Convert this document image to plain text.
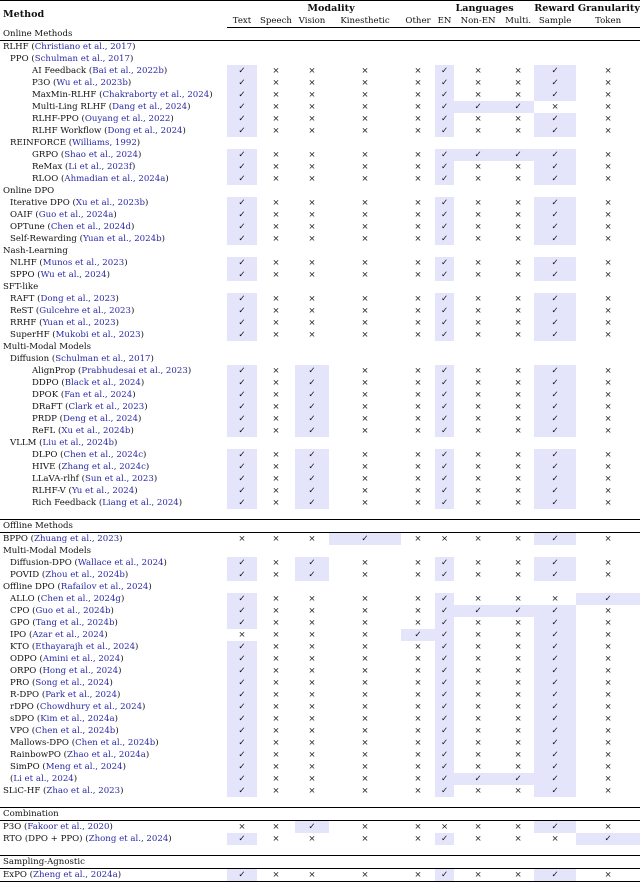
Method	Modality					Languages			Reward Granularity	
	Text	Speech	Vision	Kinesthetic	Other	EN	Non-EN	Multi.	Sample	Token
Online Methods										
RLHF (Christiano et al., 2017)										
PPO (Schulman et al., 2017)										
AI Feedback (Bai et al., 2022b)	✓	×	×	×	×	✓	×	×	✓	×
P3O (Wu et al., 2023b)	✓	×	×	×	×	✓	×	×	✓	×
MaxMin-RLHF (Chakraborty et al., 2024)	✓	×	×	×	×	✓	×	×	✓	×
Multi-Ling RLHF (Dang et al., 2024)	✓	×	×	×	×	✓	✓	✓	×	×
RLHF-PPO (Ouyang et al., 2022)	✓	×	×	×	×	✓	×	×	✓	×
RLHF Workflow (Dong et al., 2024)	✓	×	×	×	×	✓	×	×	✓	×
REINFORCE (Williams, 1992)										
GRPO (Shao et al., 2024)	✓	×	×	×	×	✓	✓	✓	✓	×
ReMax (Li et al., 2023f)	✓	×	×	×	×	✓	×	×	✓	×
RLOO (Ahmadian et al., 2024a)	✓	×	×	×	×	✓	×	×	✓	×
Online DPO										
Iterative DPO (Xu et al., 2023b)	✓	×	×	×	×	✓	×	×	✓	×
OAIF (Guo et al., 2024a)	✓	×	×	×	×	✓	×	×	✓	×
OPTune (Chen et al., 2024d)	✓	×	×	×	×	✓	×	×	✓	×
Self-Rewarding (Yuan et al., 2024b)	✓	×	×	×	×	✓	×	×	✓	×
Nash-Learning										
NLHF (Munos et al., 2023)	✓	×	×	×	×	✓	×	×	✓	×
SPPO (Wu et al., 2024)	✓	×	×	×	×	✓	×	×	✓	×
SFT-like										
RAFT (Dong et al., 2023)	✓	×	×	×	×	✓	×	×	✓	×
ReST (Gulcehre et al., 2023)	✓	×	×	×	×	✓	×	×	✓	×
RRHF (Yuan et al., 2023)	✓	×	×	×	×	✓	×	×	✓	×
SuperHF (Mukobi et al., 2023)	✓	×	×	×	×	✓	×	×	✓	×
Multi-Modal Models										
Diffusion (Schulman et al., 2017)										
AlignProp (Prabhudesai et al., 2023)	✓	×	✓	×	×	✓	×	×	✓	×
DDPO (Black et al., 2024)	✓	×	✓	×	×	✓	×	×	✓	×
DPOK (Fan et al., 2024)	✓	×	✓	×	×	✓	×	×	✓	×
DRaFT (Clark et al., 2023)	✓	×	✓	×	×	✓	×	×	✓	×
PRDP (Deng et al., 2024)	✓	×	✓	×	×	✓	×	×	✓	×
ReFL (Xu et al., 2024b)	✓	×	✓	×	×	✓	×	×	✓	×
VLLM (Liu et al., 2024b)										
DLPO (Chen et al., 2024c)	✓	×	✓	×	×	✓	×	×	✓	×
HIVE (Zhang et al., 2024c)	✓	×	✓	×	×	✓	×	×	✓	×
LLaVA-rlhf (Sun et al., 2023)	✓	×	✓	×	×	✓	×	×	✓	×
RLHF-V (Yu et al., 2024)	✓	×	✓	×	×	✓	×	×	✓	×
Rich Feedback (Liang et al., 2024)	✓	×	✓	×	×	✓	×	×	✓	×

Offline Methods										
BPPO (Zhuang et al., 2023)	×	×	×	✓	×	×	×	×	✓	×
Multi-Modal Models										
Diffusion-DPO (Wallace et al., 2024)	✓	×	✓	×	×	✓	×	×	✓	×
POVID (Zhou et al., 2024b)	✓	×	✓	×	×	✓	×	×	✓	×
Offline DPO (Rafailov et al., 2024)										
ALLO (Chen et al., 2024g)	✓	×	×	×	×	✓	×	×	×	✓
CPO (Guo et al., 2024b)	✓	×	×	×	×	✓	✓	✓	✓	×
GPO (Tang et al., 2024b)	✓	×	×	×	×	✓	×	×	✓	×
IPO (Azar et al., 2024)	×	×	×	×	✓	✓	×	×	✓	×
KTO (Ethayarajh et al., 2024)	✓	×	×	×	×	✓	×	×	✓	×
ODPO (Amini et al., 2024)	✓	×	×	×	×	✓	×	×	✓	×
ORPO (Hong et al., 2024)	✓	×	×	×	×	✓	×	×	✓	×
PRO (Song et al., 2024)	✓	×	×	×	×	✓	×	×	✓	×
R-DPO (Park et al., 2024)	✓	×	×	×	×	✓	×	×	✓	×
rDPO (Chowdhury et al., 2024)	✓	×	×	×	×	✓	×	×	✓	×
sDPO (Kim et al., 2024a)	✓	×	×	×	×	✓	×	×	✓	×
VPO (Chen et al., 2024b)	✓	×	×	×	×	✓	×	×	✓	×
Mallows-DPO (Chen et al., 2024b)	✓	×	×	×	×	✓	×	×	✓	×
RainbowPO (Zhao et al., 2024a)	✓	×	×	×	×	✓	×	×	✓	×
SimPO (Meng et al., 2024)	✓	×	×	×	×	✓	×	×	✓	×
(Li et al., 2024)	✓	×	×	×	×	✓	✓	✓	✓	×
SLiC-HF (Zhao et al., 2023)	✓	×	×	×	×	✓	×	×	✓	×

Combination										
P3O (Fakoor et al., 2020)	×	×	✓	×	×	×	×	×	✓	×
RTO (DPO + PPO) (Zhong et al., 2024)	✓	×	×	×	×	✓	×	×	×	✓

Sampling-Agnostic										
ExPO (Zheng et al., 2024a)	✓	×	×	×	×	✓	×	×	✓	×
